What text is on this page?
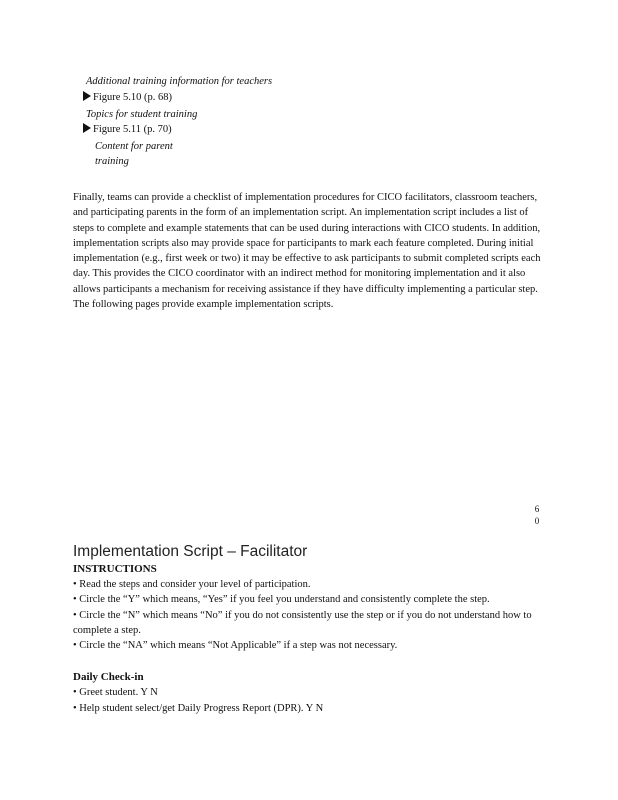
Additional training information for teachers
Figure 5.10 (p. 68)
Topics for student training
Figure 5.11 (p. 70)
Content for parent
training

Finally, teams can provide a checklist of implementation procedures for CICO facilitators, classroom teachers, and participating parents in the form of an implementation script. An implementation script includes a list of steps to complete and example statements that can be used during interactions with CICO students. In addition, implementation scripts also may provide space for participants to mark each feature completed. During initial implementation (e.g., first week or two) it may be effective to ask participants to submit completed scripts each day. This provides the CICO coordinator with an indirect method for monitoring implementation and it also allows participants a mechanism for receiving assistance if they have difficulty implementing a particular step. The following pages provide example implementation scripts.

60
Implementation Script – Facilitator
INSTRUCTIONS
• Read the steps and consider your level of participation.
• Circle the “Y” which means, “Yes” if you feel you understand and consistently complete the step.
• Circle the “N” which means “No” if you do not consistently use the step or if you do not understand how to complete a step.
• Circle the “NA” which means “Not Applicable” if a step was not necessary.
Daily Check-in
• Greet student. Y N
• Help student select/get Daily Progress Report (DPR). Y N
